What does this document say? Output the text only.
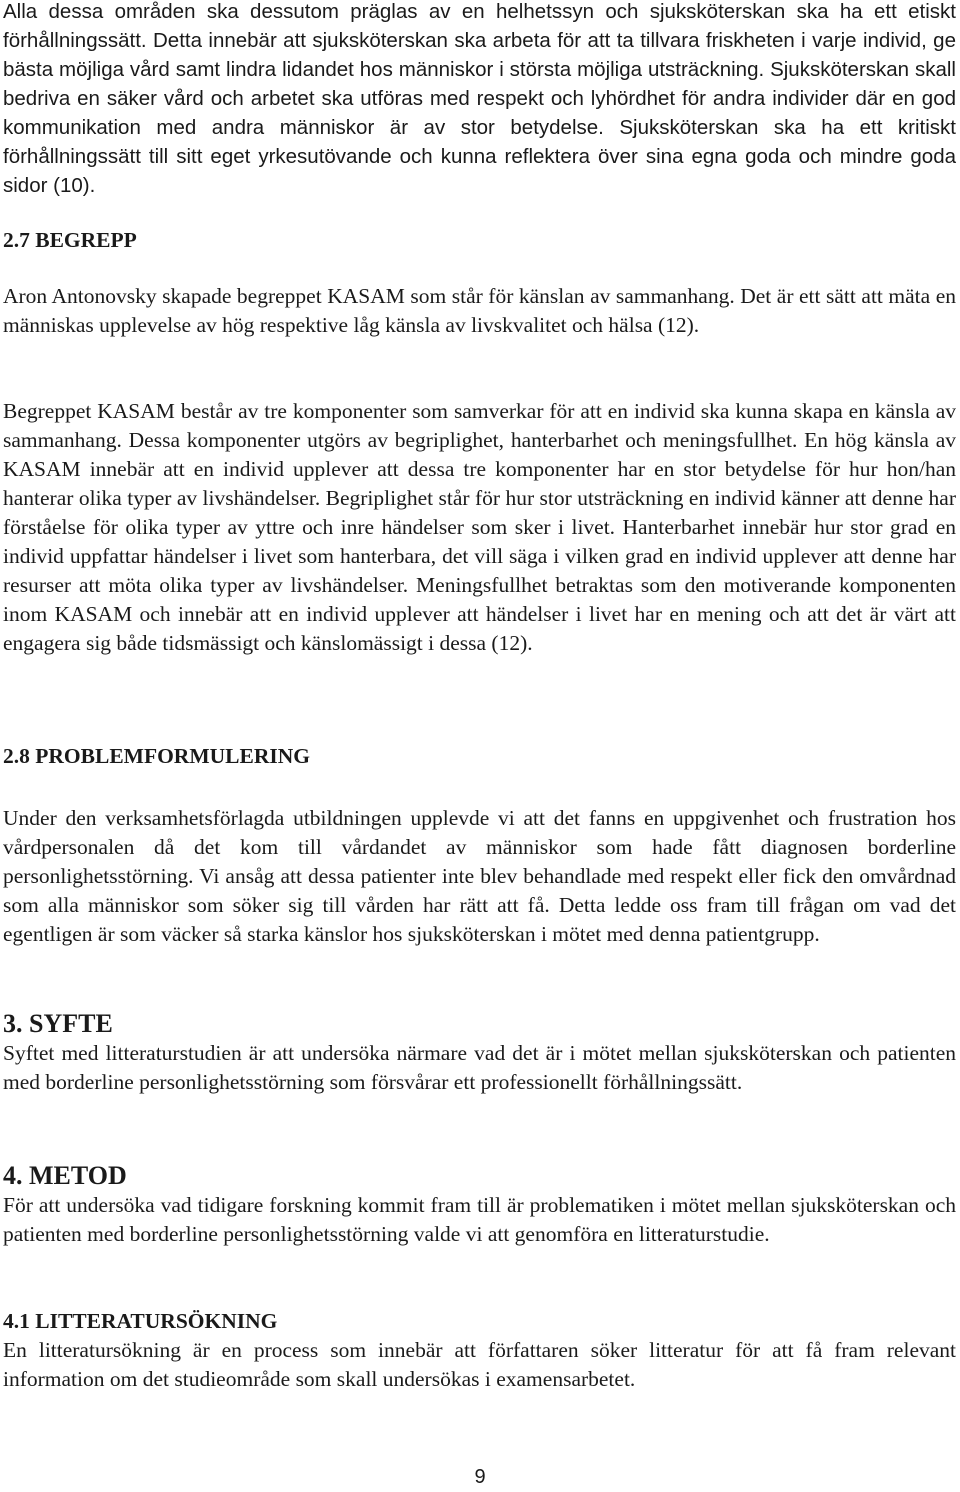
Alla dessa områden ska dessutom präglas av en helhetssyn och sjuksköterskan ska ha ett etiskt förhållningssätt. Detta innebär att sjuksköterskan ska arbeta för att ta tillvara friskheten i varje individ, ge bästa möjliga vård samt lindra lidandet hos människor i största möjliga utsträckning. Sjuksköterskan skall bedriva en säker vård och arbetet ska utföras med respekt och lyhördhet för andra individer där en god kommunikation med andra människor är av stor betydelse. Sjuksköterskan ska ha ett kritiskt förhållningssätt till sitt eget yrkesutövande och kunna reflektera över sina egna goda och mindre goda sidor (10).

2.7 BEGREPP

Aron Antonovsky skapade begreppet KASAM som står för känslan av sammanhang. Det är ett sätt att mäta en människas upplevelse av hög respektive låg känsla av livskvalitet och hälsa (12).

Begreppet KASAM består av tre komponenter som samverkar för att en individ ska kunna skapa en känsla av sammanhang. Dessa komponenter utgörs av begriplighet, hanterbarhet och meningsfullhet. En hög känsla av KASAM innebär att en individ upplever att dessa tre komponenter har en stor betydelse för hur hon/han hanterar olika typer av livshändelser. Begriplighet står för hur stor utsträckning en individ känner att denne har förståelse för olika typer av yttre och inre händelser som sker i livet. Hanterbarhet innebär hur stor grad en individ uppfattar händelser i livet som hanterbara, det vill säga i vilken grad en individ upplever att denne har resurser att möta olika typer av livshändelser. Meningsfullhet betraktas som den motiverande komponenten inom KASAM och innebär att en individ upplever att händelser i livet har en mening och att det är värt att engagera sig både tidsmässigt och känslomässigt i dessa (12).

2.8 PROBLEMFORMULERING

Under den verksamhetsförlagda utbildningen upplevde vi att det fanns en uppgivenhet och frustration hos vårdpersonalen då det kom till vårdandet av människor som hade fått diagnosen borderline personlighetsstörning. Vi ansåg att dessa patienter inte blev behandlade med respekt eller fick den omvårdnad som alla människor som söker sig till vården har rätt att få. Detta ledde oss fram till frågan om vad det egentligen är som väcker så starka känslor hos sjuksköterskan i mötet med denna patientgrupp.

3. SYFTE

Syftet med litteraturstudien är att undersöka närmare vad det är i mötet mellan sjuksköterskan och patienten med borderline personlighetsstörning som försvårar ett professionellt förhållningssätt.

4. METOD

För att undersöka vad tidigare forskning kommit fram till är problematiken i mötet mellan sjuksköterskan och patienten med borderline personlighetsstörning valde vi att genomföra en litteraturstudie.

4.1 LITTERATURSÖKNING

En litteratursökning är en process som innebär att författaren söker litteratur för att få fram relevant information om det studieområde som skall undersökas i examensarbetet.

9
